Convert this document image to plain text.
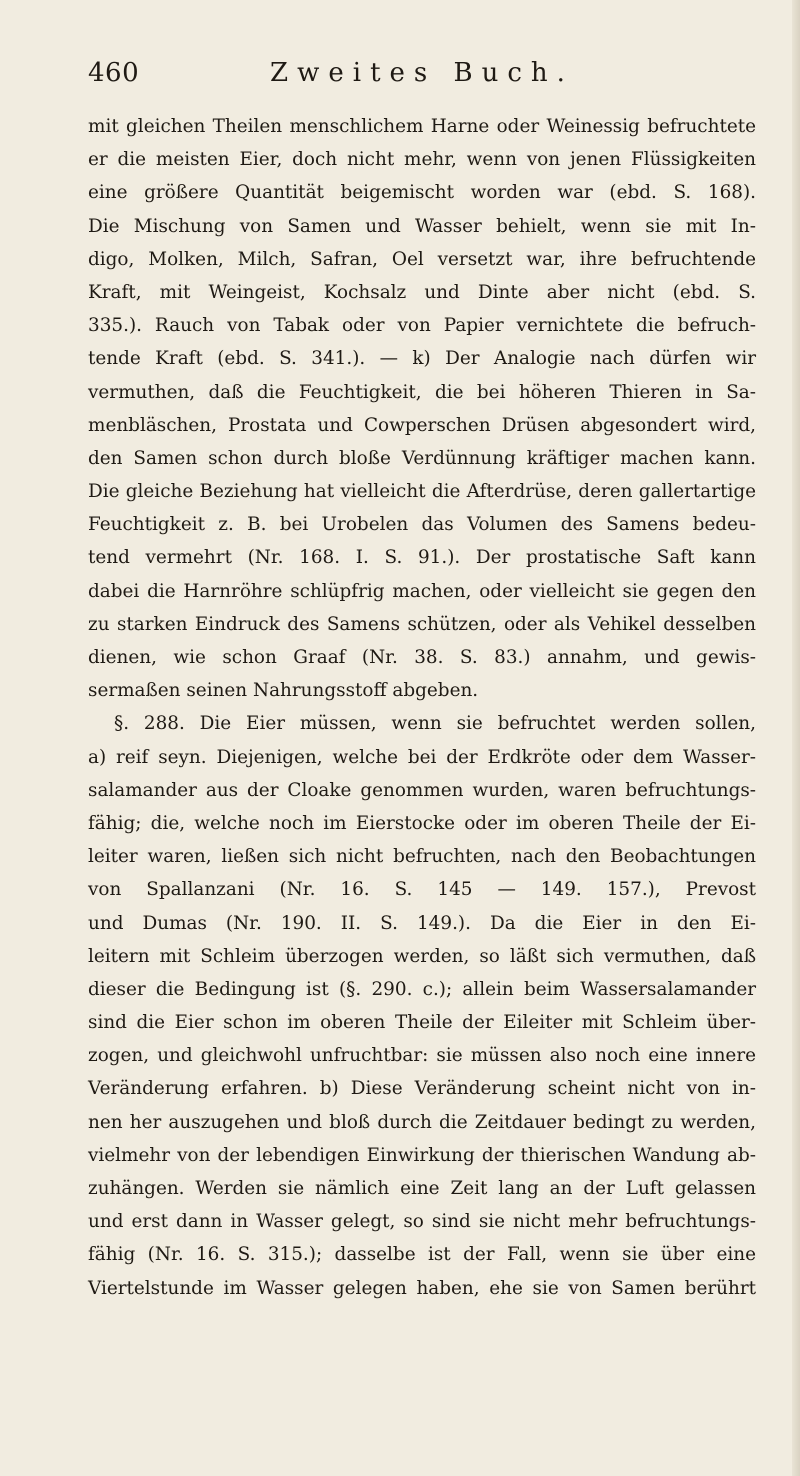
460	Zweites Buch.
mit gleichen Theilen menschlichem Harne oder Weinessig befruchtete
er die meisten Eier, doch nicht mehr, wenn von jenen Flüssigkeiten
eine größere Quantität beigemischt worden war (ebd. S. 168).
Die Mischung von Samen und Wasser behielt, wenn sie mit In-
digo, Molken, Milch, Safran, Oel versetzt war, ihre befruchtende
Kraft, mit Weingeist, Kochsalz und Dinte aber nicht (ebd. S.
335.). Rauch von Tabak oder von Papier vernichtete die befruch-
tende Kraft (ebd. S. 341.). — k) Der Analogie nach dürfen wir
vermuthen, daß die Feuchtigkeit, die bei höheren Thieren in Sa-
menbläschen, Prostata und Cowperschen Drüsen abgesondert wird,
den Samen schon durch bloße Verdünnung kräftiger machen kann.
Die gleiche Beziehung hat vielleicht die Afterdrüse, deren gallertartige
Feuchtigkeit z. B. bei Urobelen das Volumen des Samens bedeu-
tend vermehrt (Nr. 168. I. S. 91.). Der prostatische Saft kann
dabei die Harnröhre schlüpfrig machen, oder vielleicht sie gegen den
zu starken Eindruck des Samens schützen, oder als Vehikel desselben
dienen, wie schon Graaf (Nr. 38. S. 83.) annahm, und gewis-
sermaßen seinen Nahrungsstoff abgeben.
§. 288. Die Eier müssen, wenn sie befruchtet werden sollen,
a) reif seyn. Diejenigen, welche bei der Erdkröte oder dem Wasser-
salamander aus der Cloake genommen wurden, waren befruchtungs-
fähig; die, welche noch im Eierstocke oder im oberen Theile der Ei-
leiter waren, ließen sich nicht befruchten, nach den Beobachtungen
von Spallanzani (Nr. 16. S. 145 — 149. 157.), Prevost
und Dumas (Nr. 190. II. S. 149.). Da die Eier in den Ei-
leitern mit Schleim überzogen werden, so läßt sich vermuthen, daß
dieser die Bedingung ist (§. 290. c.); allein beim Wassersalamander
sind die Eier schon im oberen Theile der Eileiter mit Schleim über-
zogen, und gleichwohl unfruchtbar: sie müssen also noch eine innere
Veränderung erfahren. b) Diese Veränderung scheint nicht von in-
nen her auszugehen und bloß durch die Zeitdauer bedingt zu werden,
vielmehr von der lebendigen Einwirkung der thierischen Wandung ab-
zuhängen. Werden sie nämlich eine Zeit lang an der Luft gelassen
und erst dann in Wasser gelegt, so sind sie nicht mehr befruchtungs-
fähig (Nr. 16. S. 315.); dasselbe ist der Fall, wenn sie über eine
Viertelstunde im Wasser gelegen haben, ehe sie von Samen berührt
